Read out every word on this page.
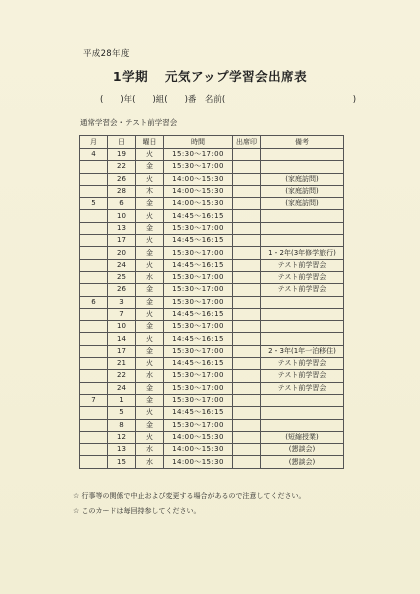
平成28年度
1学期 元気アップ学習会出席表
(　　)年(　　)組(　　)番　名前(　　　　　　　　　　　　　　　)
通常学習会・テスト前学習会
月	日	曜日	時間	出席印	備考
4	19	火	15:30～17:00		
	22	金	15:30～17:00		
	26	火	14:00～15:30		(家庭訪問)
	28	木	14:00～15:30		(家庭訪問)
5	6	金	14:00～15:30		(家庭訪問)
	10	火	14:45～16:15		
	13	金	15:30～17:00		
	17	火	14:45～16:15		
	20	金	15:30～17:00		1・2年(3年修学旅行)
	24	火	14:45～16:15		テスト前学習会
	25	水	15:30～17:00		テスト前学習会
	26	金	15:30～17:00		テスト前学習会
6	3	金	15:30～17:00		
	7	火	14:45～16:15		
	10	金	15:30～17:00		
	14	火	14:45～16:15		
	17	金	15:30～17:00		2・3年(1年一泊移住)
	21	火	14:45～16:15		テスト前学習会
	22	水	15:30～17:00		テスト前学習会
	24	金	15:30～17:00		テスト前学習会
7	1	金	15:30～17:00		
	5	火	14:45～16:15		
	8	金	15:30～17:00		
	12	火	14:00～15:30		(短縮授業)
	13	水	14:00～15:30		(懇談会)
	15	水	14:00～15:30		(懇談会)
☆ 行事等の関係で中止および変更する場合があるので注意してください。
☆ このカードは毎回持参してください。
